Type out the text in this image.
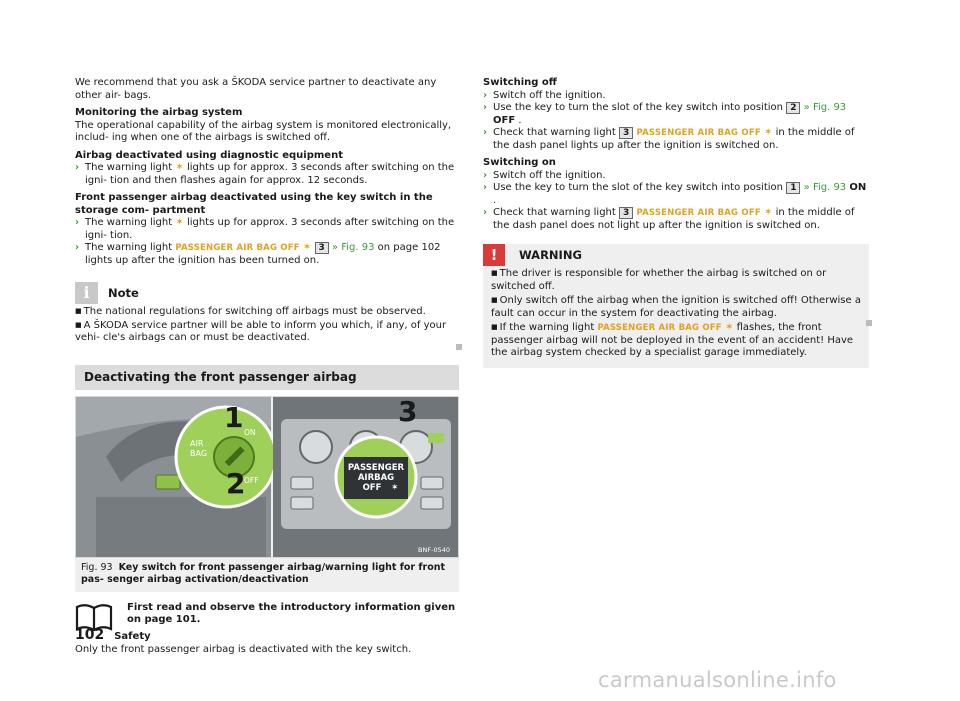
We recommend that you ask a ŠKODA service partner to deactivate any other air- bags.

Monitoring the airbag system

The operational capability of the airbag system is monitored electronically, includ- ing when one of the airbags is switched off.

Airbag deactivated using diagnostic equipment

› The warning light ✶ lights up for approx. 3 seconds after switching on the igni- tion and then flashes again for approx. 12 seconds.

Front passenger airbag deactivated using the key switch in the storage com- partment

› The warning light ✶ lights up for approx. 3 seconds after switching on the igni- tion.
› The warning light PASSENGER AIR BAG OFF ✶ 3 » Fig. 93 on page 102 lights up after the ignition has been turned on.
i	Note

■ The national regulations for switching off airbags must be observed.

■ A ŠKODA service partner will be able to inform you which, if any, of your vehi- cle's airbags can or must be deactivated.

Deactivating the front passenger airbag
AIR
BAG
ON
OFF
1
2	PASSENGER
AIRBAG
OFF ✶
3
BNF-0540
Fig. 93 Key switch for front passenger airbag/warning light for front pas- senger airbag activation/deactivation

First read and observe the introductory information given on page 101.

Only the front passenger airbag is deactivated with the key switch.

Switching off

› Switch off the ignition.
› Use the key to turn the slot of the key switch into position 2 » Fig. 93 OFF .
› Check that warning light 3 PASSENGER AIR BAG OFF ✶ in the middle of the dash panel lights up after the ignition is switched on.

Switching on

› Switch off the ignition.
› Use the key to turn the slot of the key switch into position 1 » Fig. 93 ON .
› Check that warning light 3 PASSENGER AIR BAG OFF ✶ in the middle of the dash panel does not light up after the ignition is switched on.
!	WARNING

■ The driver is responsible for whether the airbag is switched on or switched off.

■ Only switch off the airbag when the ignition is switched off! Otherwise a fault can occur in the system for deactivating the airbag.

■ If the warning light PASSENGER AIR BAG OFF ✶ flashes, the front passenger airbag will not be deployed in the event of an accident! Have the airbag system checked by a specialist garage immediately.

102 Safety
carmanualsonline.info
